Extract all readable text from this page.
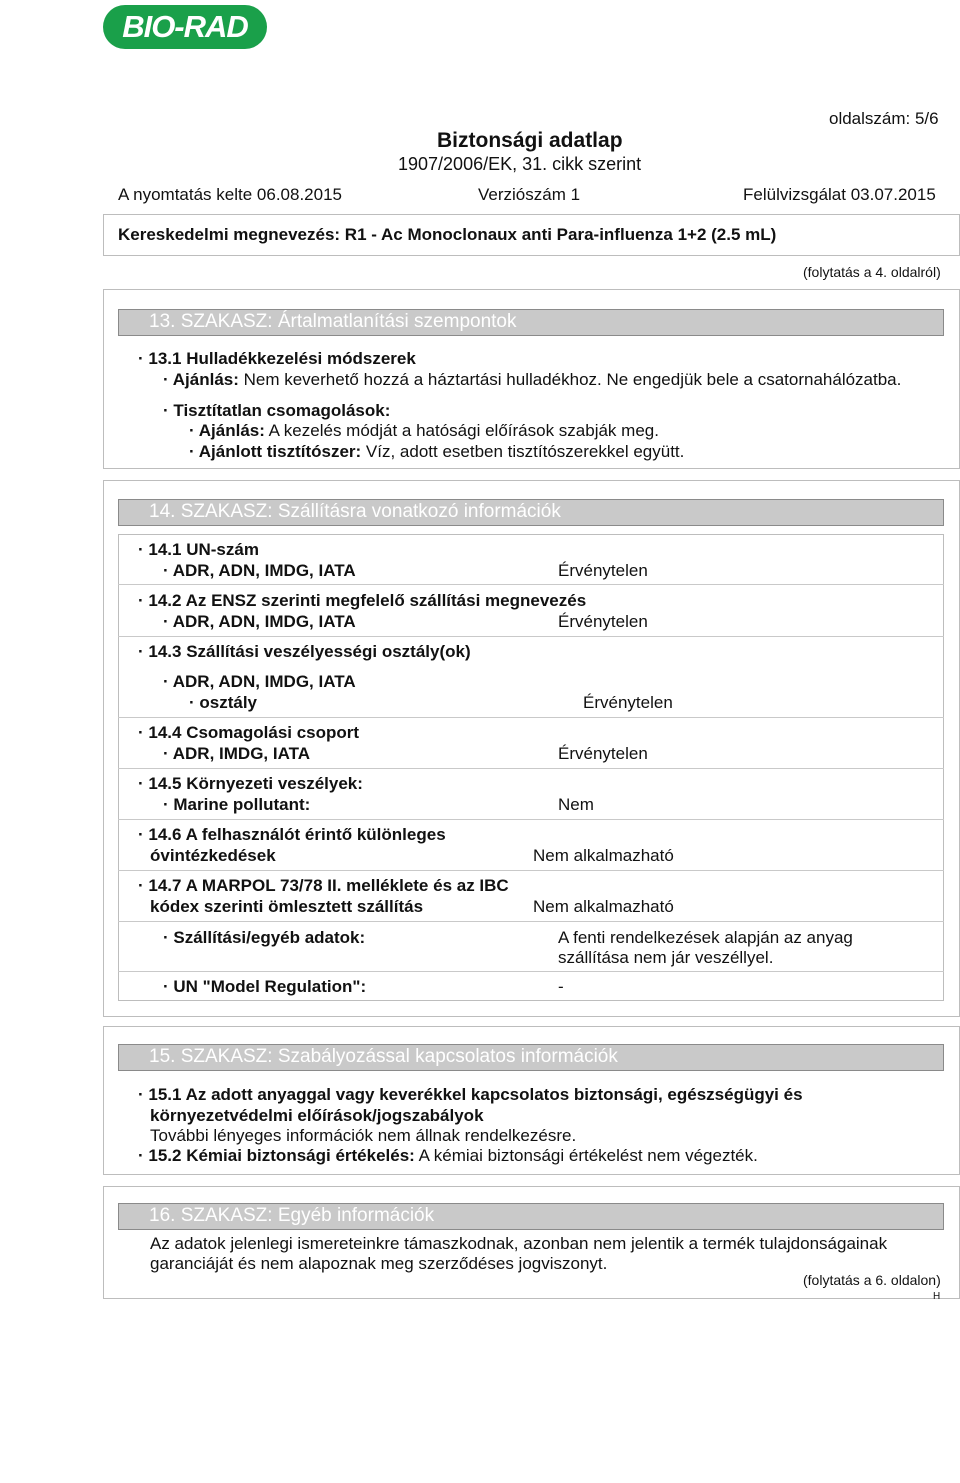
BIO-RAD
oldalszám: 5/6
Biztonsági adatlap
1907/2006/EK, 31. cikk szerint
A nyomtatás kelte 06.08.2015	Verziószám 1	Felülvizsgálat 03.07.2015
Kereskedelmi megnevezés: R1 - Ac Monoclonaux anti Para-influenza 1+2 (2.5 mL)
(folytatás a 4. oldalról)
13. SZAKASZ: Ártalmatlanítási szempontok
· 13.1 Hulladékkezelési módszerek
· Ajánlás: Nem keverhető hozzá a háztartási hulladékhoz. Ne engedjük bele a csatornahálózatba.
· Tisztítatlan csomagolások:
· Ajánlás: A kezelés módját a hatósági előírások szabják meg.
· Ajánlott tisztítószer: Víz, adott esetben tisztítószerekkel együtt.
14. SZAKASZ: Szállításra vonatkozó információk
· 14.1 UN-szám
· ADR, ADN, IMDG, IATA	Érvénytelen
· 14.2 Az ENSZ szerinti megfelelő szállítási megnevezés
· ADR, ADN, IMDG, IATA	Érvénytelen
· 14.3 Szállítási veszélyességi osztály(ok)
· ADR, ADN, IMDG, IATA
· osztály	Érvénytelen
· 14.4 Csomagolási csoport
· ADR, IMDG, IATA	Érvénytelen
· 14.5 Környezeti veszélyek:
· Marine pollutant:	Nem
· 14.6 A felhasználót érintő különleges
óvintézkedések	Nem alkalmazható
· 14.7 A MARPOL 73/78 II. melléklete és az IBC
kódex szerinti ömlesztett szállítás	Nem alkalmazható
· Szállítási/egyéb adatok:	A fenti rendelkezések alapján az anyag
szállítása nem jár veszéllyel.
· UN "Model Regulation":	-
15. SZAKASZ: Szabályozással kapcsolatos információk
· 15.1 Az adott anyaggal vagy keverékkel kapcsolatos biztonsági, egészségügyi és
környezetvédelmi előírások/jogszabályok
További lényeges információk nem állnak rendelkezésre.
· 15.2 Kémiai biztonsági értékelés: A kémiai biztonsági értékelést nem végezték.
16. SZAKASZ: Egyéb információk
Az adatok jelenlegi ismereteinkre támaszkodnak, azonban nem jelentik a termék tulajdonságainak
garanciáját és nem alapoznak meg szerződéses jogviszonyt.
(folytatás a 6. oldalon)
H
